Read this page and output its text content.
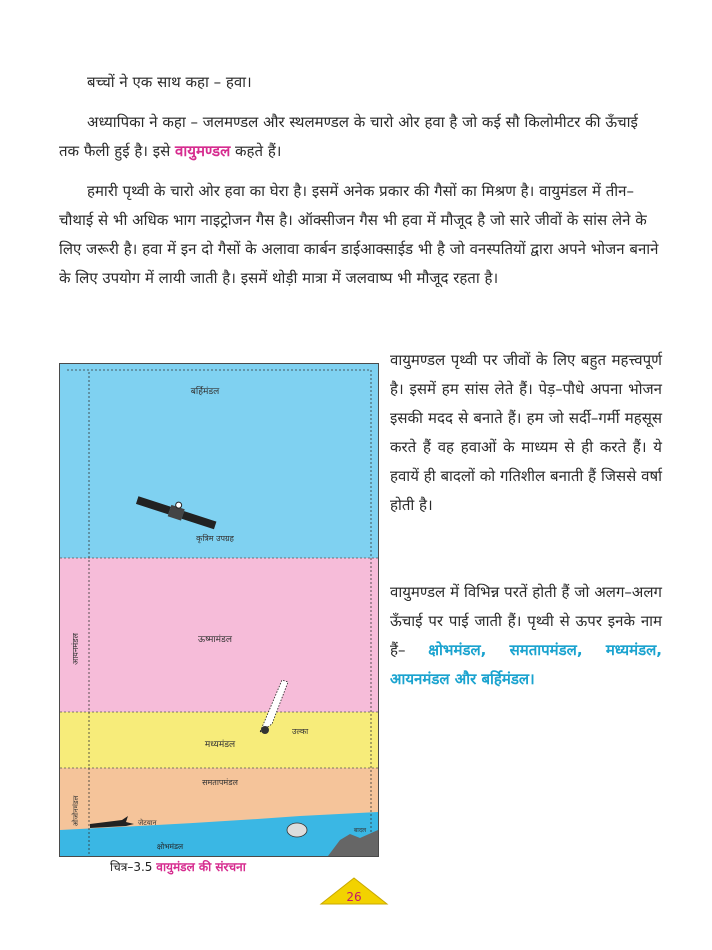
बच्चों ने एक साथ कहा – हवा।

अध्यापिका ने कहा – जलमण्डल और स्थलमण्डल के चारो ओर हवा है जो कई सौ किलोमीटर की ऊँचाई तक फैली हुई है। इसे वायुमण्डल कहते हैं।

हमारी पृथ्वी के चारो ओर हवा का घेरा है। इसमें अनेक प्रकार की गैसों का मिश्रण है। वायुमंडल में तीन–चौथाई से भी अधिक भाग नाइट्रोजन गैस है। ऑक्सीजन गैस भी हवा में मौजूद है जो सारे जीवों के सांस लेने के लिए जरूरी है। हवा में इन दो गैसों के अलावा कार्बन डाईआक्साईड भी है जो वनस्पतियों द्वारा अपने भोजन बनाने के लिए उपयोग में लायी जाती है। इसमें थोड़ी मात्रा में जलवाष्प भी मौजूद रहता है।

बर्हिमंडल
कृत्रिम उपग्रह
ऊष्मामंडल
आयनमंडल
उल्का
मध्यमंडल
समतापमंडल
ओजोनमंडल	जेटयान
क्षोभमंडल
बादल
चित्र–3.5 वायुमंडल की संरचना

वायुमण्डल पृथ्वी पर जीवों के लिए बहुत महत्त्वपूर्ण है। इसमें हम सांस लेते हैं। पेड़–पौधे अपना भोजन इसकी मदद से बनाते हैं। हम जो सर्दी–गर्मी महसूस करते हैं वह हवाओं के माध्यम से ही करते हैं। ये हवायें ही बादलों को गतिशील बनाती हैं जिससे वर्षा होती है।

वायुमण्डल में विभिन्न परतें होती हैं जो अलग–अलग ऊँचाई पर पाई जाती हैं। पृथ्वी से ऊपर इनके नाम हैं– क्षोभमंडल, समतापमंडल, मध्यमंडल, आयनमंडल और बर्हिमंडल।

26
